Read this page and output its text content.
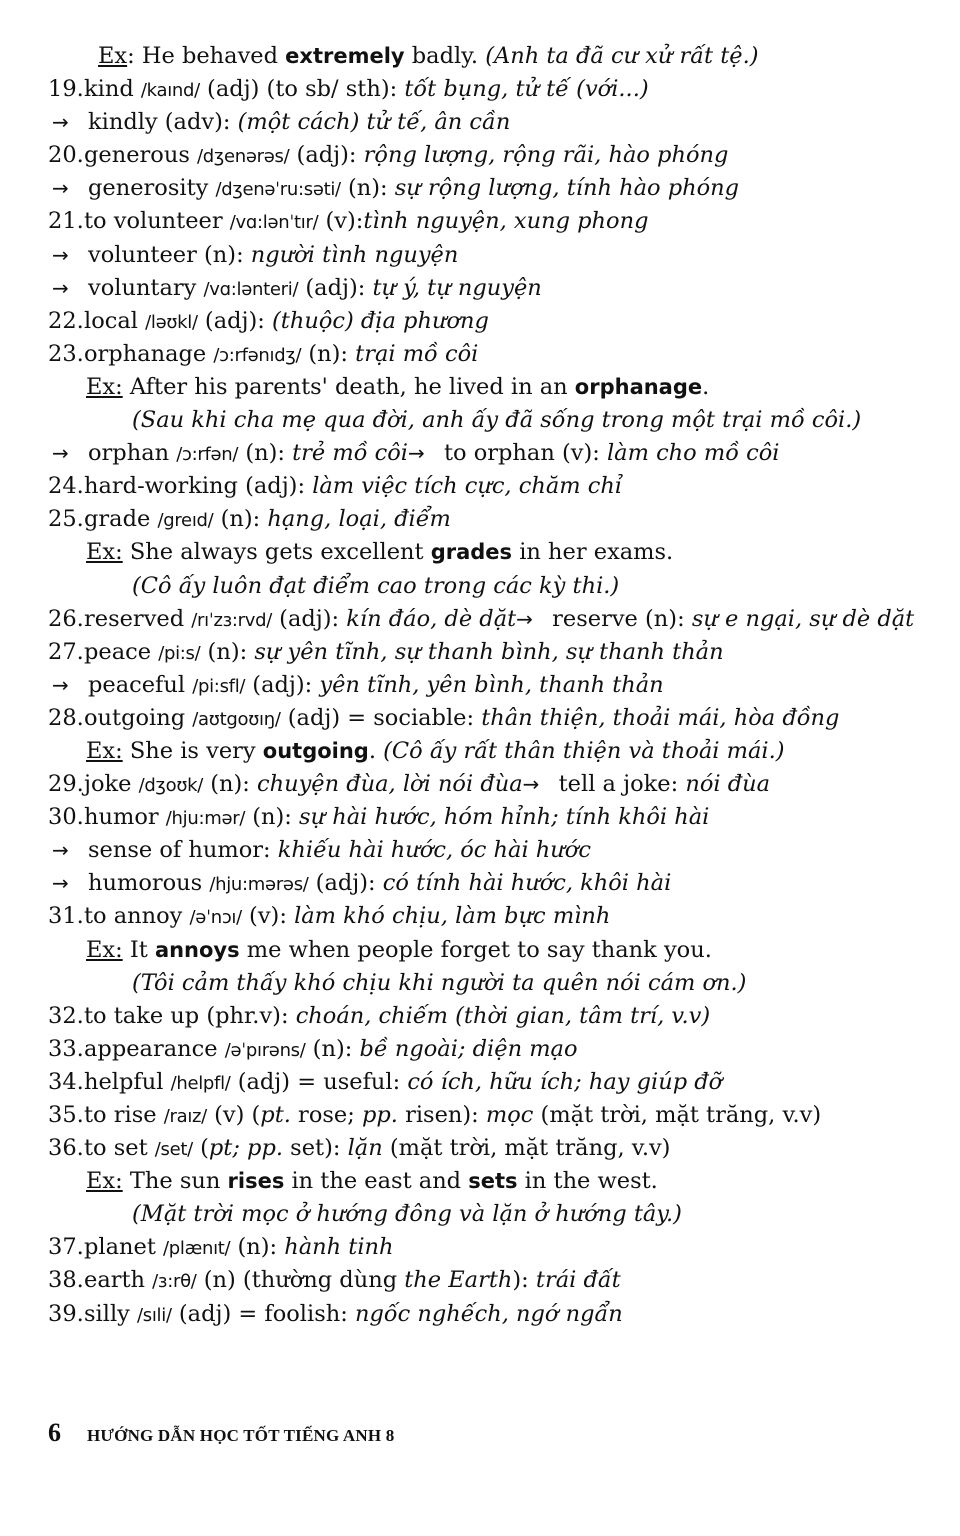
Ex: He behaved extremely badly. (Anh ta đã cư xử rất tệ.)
19.kind /kaınd/ (adj) (to sb/ sth): tốt bụng, tử tế (với...)
→ kindly (adv): (một cách) tử tế, ân cần
20.generous /dʒenərəs/ (adj): rộng lượng, rộng rãi, hào phóng
→ generosity /dʒenəˈru:səti/ (n): sự rộng lượng, tính hào phóng
21.to volunteer /vɑ:lənˈtır/ (v):tình nguyện, xung phong
→ volunteer (n): người tình nguyện
→ voluntary /vɑ:lənteri/ (adj): tự ý, tự nguyện
22.local /ləʊkl/ (adj): (thuộc) địa phương
23.orphanage /ɔ:rfənıdʒ/ (n): trại mồ côi
Ex: After his parents' death, he lived in an orphanage.
(Sau khi cha mẹ qua đời, anh ấy đã sống trong một trại mồ côi.)
→ orphan /ɔ:rfən/ (n): trẻ mồ côi→ to orphan (v): làm cho mồ côi
24.hard-working (adj): làm việc tích cực, chăm chỉ
25.grade /greıd/ (n): hạng, loại, điểm
Ex: She always gets excellent grades in her exams.
(Cô ấy luôn đạt điểm cao trong các kỳ thi.)
26.reserved /rıˈzɜ:rvd/ (adj): kín đáo, dè dặt→ reserve (n): sự e ngại, sự dè dặt
27.peace /pi:s/ (n): sự yên tĩnh, sự thanh bình, sự thanh thản
→ peaceful /pi:sfl/ (adj): yên tĩnh, yên bình, thanh thản
28.outgoing /aʊtgoʊıŋ/ (adj) = sociable: thân thiện, thoải mái, hòa đồng
Ex: She is very outgoing. (Cô ấy rất thân thiện và thoải mái.)
29.joke /dʒoʊk/ (n): chuyện đùa, lời nói đùa→ tell a joke: nói đùa
30.humor /hju:mər/ (n): sự hài hước, hóm hỉnh; tính khôi hài
→ sense of humor: khiếu hài hước, óc hài hước
→ humorous /hju:mərəs/ (adj): có tính hài hước, khôi hài
31.to annoy /əˈnɔı/ (v): làm khó chịu, làm bực mình
Ex: It annoys me when people forget to say thank you.
(Tôi cảm thấy khó chịu khi người ta quên nói cám ơn.)
32.to take up (phr.v): choán, chiếm (thời gian, tâm trí, v.v)
33.appearance /əˈpırəns/ (n): bề ngoài; diện mạo
34.helpful /helpfl/ (adj) = useful: có ích, hữu ích; hay giúp đỡ
35.to rise /raız/ (v) (pt. rose; pp. risen): mọc (mặt trời, mặt trăng, v.v)
36.to set /set/ (pt; pp. set): lặn (mặt trời, mặt trăng, v.v)
Ex: The sun rises in the east and sets in the west.
(Mặt trời mọc ở hướng đông và lặn ở hướng tây.)
37.planet /plænıt/ (n): hành tinh
38.earth /ɜ:rθ/ (n) (thường dùng the Earth): trái đất
39.silly /sıli/ (adj) = foolish: ngốc nghếch, ngớ ngẩn
6 HƯỚNG DẪN HỌC TỐT TIẾNG ANH 8
